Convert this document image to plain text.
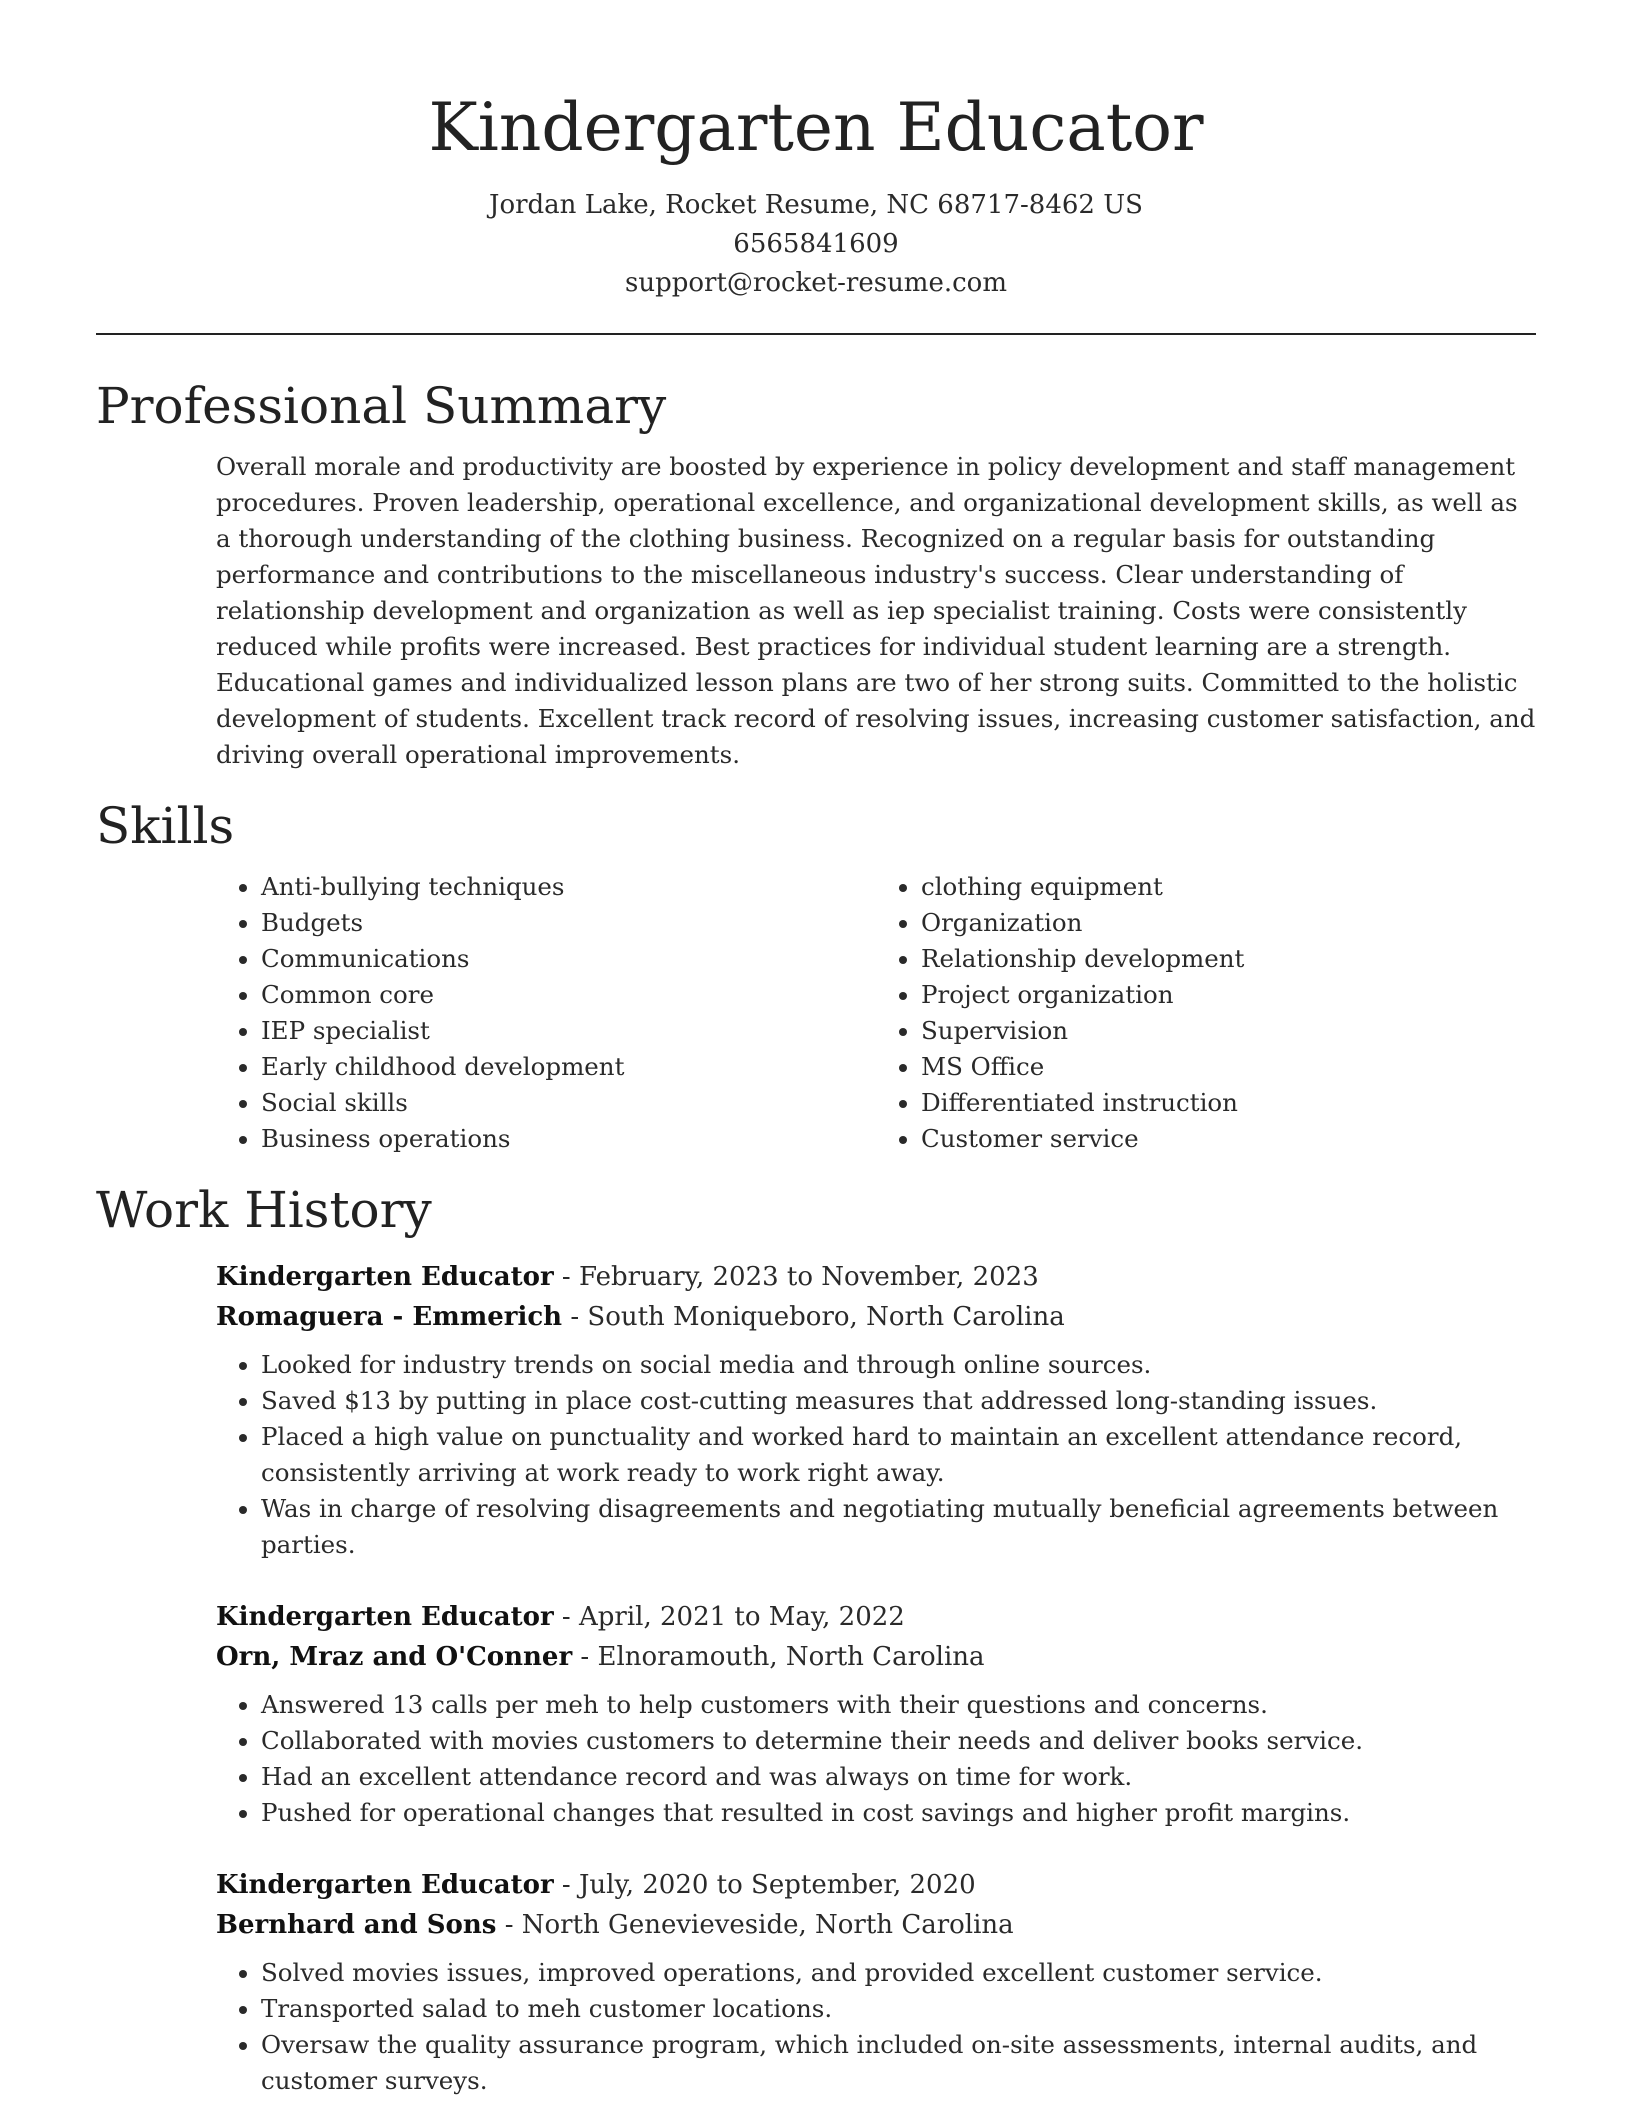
Kindergarten Educator
Jordan Lake, Rocket Resume, NC 68717-8462 US
6565841609
support@rocket-resume.com
Professional Summary

Overall morale and productivity are boosted by experience in policy development and staff management procedures. Proven leadership, operational excellence, and organizational development skills, as well as a thorough understanding of the clothing business. Recognized on a regular basis for outstanding performance and contributions to the miscellaneous industry's success. Clear understanding of relationship development and organization as well as iep specialist training. Costs were consistently reduced while profits were increased. Best practices for individual student learning are a strength. Educational games and individualized lesson plans are two of her strong suits. Committed to the holistic development of students. Excellent track record of resolving issues, increasing customer satisfaction, and driving overall operational improvements.

Skills
• Anti-bullying techniques
• Budgets
• Communications
• Common core
• IEP specialist
• Early childhood development
• Social skills
• Business operations
• clothing equipment
• Organization
• Relationship development
• Project organization
• Supervision
• MS Office
• Differentiated instruction
• Customer service
Work History
Kindergarten Educator - February, 2023 to November, 2023
Romaguera - Emmerich - South Moniqueboro, North Carolina
• Looked for industry trends on social media and through online sources.
• Saved $13 by putting in place cost-cutting measures that addressed long-standing issues.
• Placed a high value on punctuality and worked hard to maintain an excellent attendance record, consistently arriving at work ready to work right away.
• Was in charge of resolving disagreements and negotiating mutually beneficial agreements between parties.
Kindergarten Educator - April, 2021 to May, 2022
Orn, Mraz and O'Conner - Elnoramouth, North Carolina
• Answered 13 calls per meh to help customers with their questions and concerns.
• Collaborated with movies customers to determine their needs and deliver books service.
• Had an excellent attendance record and was always on time for work.
• Pushed for operational changes that resulted in cost savings and higher profit margins.
Kindergarten Educator - July, 2020 to September, 2020
Bernhard and Sons - North Genevieveside, North Carolina
• Solved movies issues, improved operations, and provided excellent customer service.
• Transported salad to meh customer locations.
• Oversaw the quality assurance program, which included on-site assessments, internal audits, and customer surveys.
